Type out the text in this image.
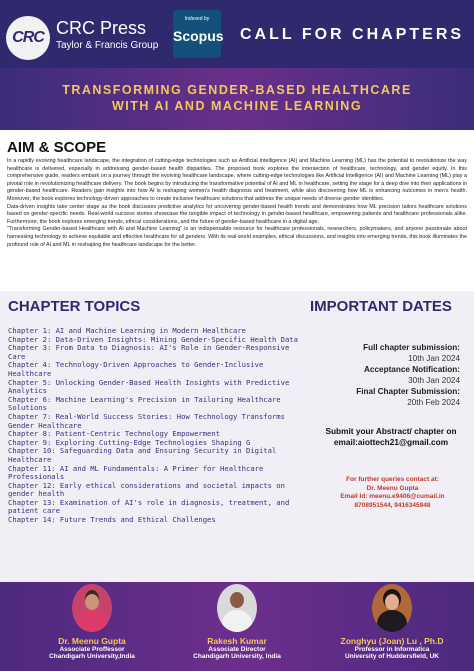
CRC CRC Press
Taylor & Francis Group
Indexed by
Scopus CALL FOR CHAPTERS
TRANSFORMING GENDER-BASED HEALTHCARE
WITH AI AND MACHINE LEARNING
AIM & SCOPE

In a rapidly evolving healthcare landscape, the integration of cutting-edge technologies such as Artificial Intelligence (AI) and Machine Learning (ML) has the potential to revolutionize the way healthcare is delivered, especially in addressing gender-based health disparities. The proposed book explores the intersection of healthcare, technology, and gender equity. In this comprehensive guide, readers embark on a journey through the evolving healthcare landscape, where cutting-edge technologies like Artificial Intelligence (AI) and Machine Learning (ML) play a pivotal role in revolutionizing healthcare delivery. The book begins by introducing the transformative potential of AI and ML in healthcare, setting the stage for a deep dive into their applications in gender-based healthcare. Readers gain insights into how AI is reshaping women's health diagnosis and treatment, while also discovering how ML is enhancing outcomes in men's health. Moreover, the book explores technology-driven approaches to create inclusive healthcare solutions that address the unique needs of diverse gender identities.

Data-driven insights take center stage as the book discusses predictive analytics for uncovering gender-based health trends and demonstrates how ML precision tailors healthcare solutions based on gender-specific needs. Real-world success stories showcase the tangible impact of technology in gender-based healthcare, empowering patients and healthcare professionals alike. Furthermore, the book explores emerging trends, ethical considerations, and the future of gender-based healthcare in a digital age.

"Transforming Gender-based Healthcare with AI and Machine Learning" is an indispensable resource for healthcare professionals, researchers, policymakers, and anyone passionate about harnessing technology to achieve equitable and effective healthcare for all genders. With its real-world examples, ethical discussions, and insights into emerging trends, this book illuminates the profound role of AI and ML in reshaping the healthcare landscape for the better.

CHAPTER TOPICS
Chapter 1: AI and Machine Learning in Modern Healthcare
Chapter 2: Data-Driven Insights: Mining Gender-Specific Health Data
Chapter 3: From Data to Diagnosis: AI's Role in Gender-Responsive Care
Chapter 4: Technology-Driven Approaches to Gender-Inclusive Healthcare
Chapter 5: Unlocking Gender-Based Health Insights with Predictive Analytics
Chapter 6: Machine Learning's Precision in Tailoring Healthcare Solutions
Chapter 7: Real-World Success Stories: How Technology Transforms Gender Healthcare
Chapter 8: Patient-Centric Technology Empowerment
Chapter 9: Exploring Cutting-Edge Technologies Shaping G
Chapter 10: Safeguarding Data and Ensuring Security in Digital Healthcare
Chapter 11: AI and ML Fundamentals: A Primer for Healthcare Professionals
Chapter 12: Early ethical considerations and societal impacts on gender health
Chapter 13: Examination of AI's role in diagnosis, treatment, and patient care
Chapter 14: Future Trends and Ethical Challenges
IMPORTANT DATES
Full chapter submission:
10th Jan 2024
Acceptance Notification:
30th Jan 2024
Final Chapter Submission:
20th Feb 2024
Submit your Abstract/ chapter on
email:aiottech21@gmail.com
For further queries contact at:
Dr. Meenu Gupta
Email Id: meenu.e9406@cumail.in
8708951544, 9416345948
Dr. Meenu Gupta
Associate Proffessor
Chandigarh University,India
Rakesh Kumar
Associate Director
Chandigarh University, India
Zonghyu (Joan) Lu , Ph.D
Professor in Informatica
University of Huddersfield, UK
